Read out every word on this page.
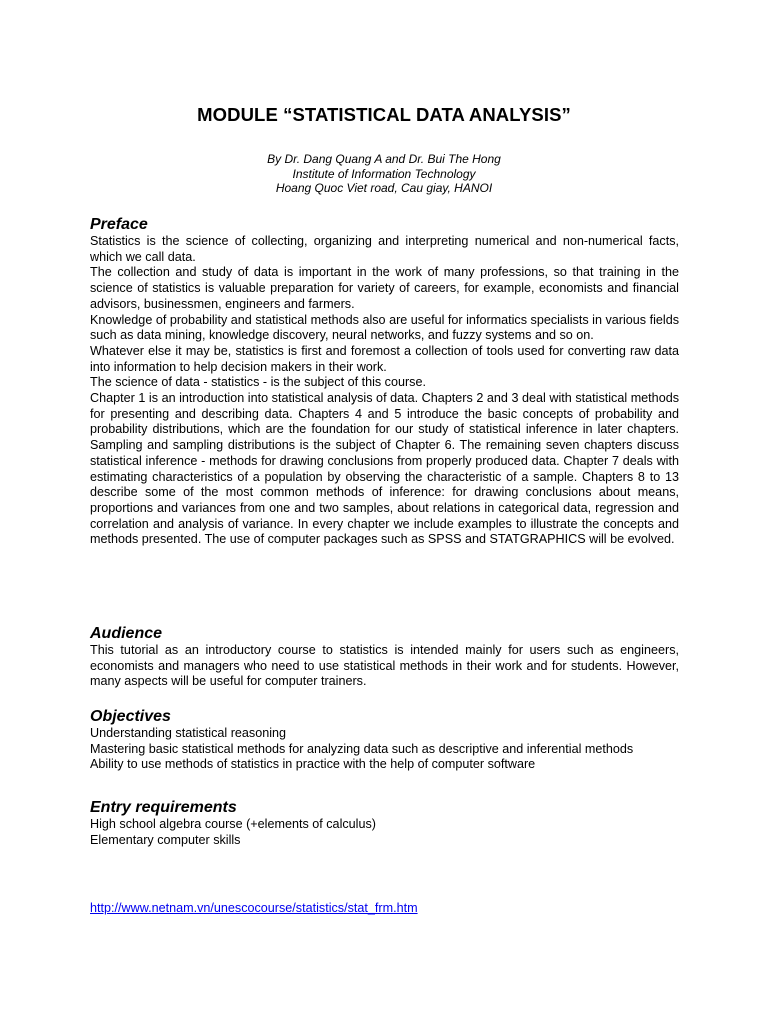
MODULE “STATISTICAL DATA ANALYSIS”
By Dr. Dang Quang A and Dr. Bui The Hong
Institute of Information Technology
Hoang Quoc Viet road, Cau giay, HANOI
Preface

Statistics is the science of collecting, organizing and interpreting numerical and non-numerical facts, which we call data.

The collection and study of data is important in the work of many professions, so that training in the science of statistics is valuable preparation for variety of careers, for example, economists and financial advisors, businessmen, engineers and farmers.

Knowledge of probability and statistical methods also are useful for informatics specialists in various fields such as data mining, knowledge discovery, neural networks, and fuzzy systems and so on.

Whatever else it may be, statistics is first and foremost a collection of tools used for converting raw data into information to help decision makers in their work.

The science of data - statistics - is the subject of this course.

Chapter 1 is an introduction into statistical analysis of data. Chapters 2 and 3 deal with statistical methods for presenting and describing data. Chapters 4 and 5 introduce the basic concepts of probability and probability distributions, which are the foundation for our study of statistical inference in later chapters. Sampling and sampling distributions is the subject of Chapter 6. The remaining seven chapters discuss statistical inference - methods for drawing conclusions from properly produced data. Chapter 7 deals with estimating characteristics of a population by observing the characteristic of a sample. Chapters 8 to 13 describe some of the most common methods of inference: for drawing conclusions about means, proportions and variances from one and two samples, about relations in categorical data, regression and correlation and analysis of variance. In every chapter we include examples to illustrate the concepts and methods presented. The use of computer packages such as SPSS and STATGRAPHICS will be evolved.

Audience

This tutorial as an introductory course to statistics is intended mainly for users such as engineers, economists and managers who need to use statistical methods in their work and for students. However, many aspects will be useful for computer trainers.

Objectives

Understanding statistical reasoning

Mastering basic statistical methods for analyzing data such as descriptive and inferential methods

Ability to use methods of statistics in practice with the help of computer software

Entry requirements

High school algebra course (+elements of calculus)

Elementary computer skills

http://www.netnam.vn/unescocourse/statistics/stat_frm.htm
